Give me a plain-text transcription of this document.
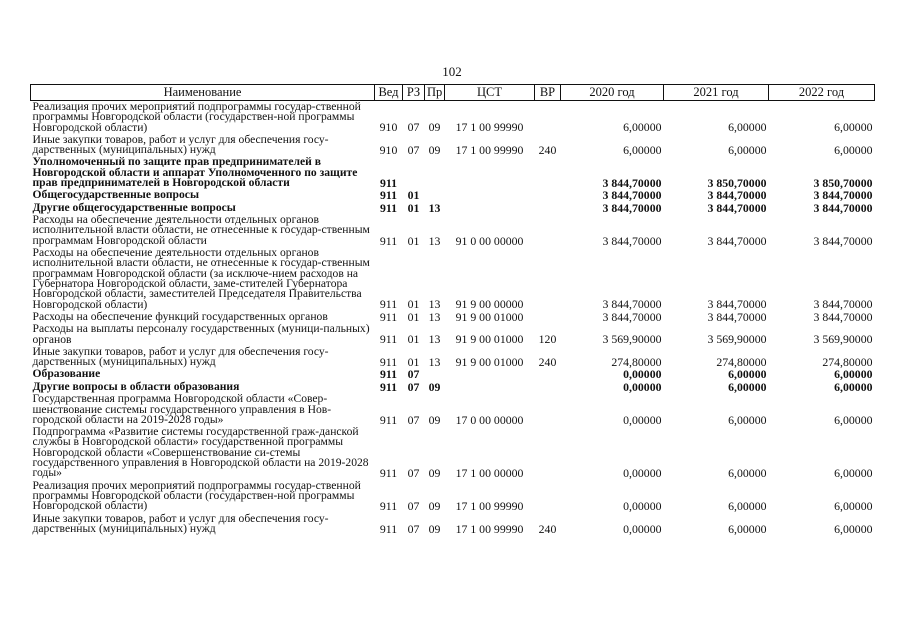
102
Наименование	Вед	РЗ	Пр	ЦСТ	ВР	2020 год	2021 год	2022 год
Реализация прочих мероприятий подпрограммы государ-ственной программы Новгородской области (государствен-ной программы Новгородской области)	910	07	09	17 1 00 99990		6,00000	6,00000	6,00000
Иные закупки товаров, работ и услуг для обеспечения госу-дарственных (муниципальных) нужд	910	07	09	17 1 00 99990	240	6,00000	6,00000	6,00000
Уполномоченный по защите прав предпринимателей в Новгородской области и аппарат Уполномоченного по защите прав предпринимателей в Новгородской области	911					3 844,70000	3 850,70000	3 850,70000
Общегосударственные вопросы	911	01				3 844,70000	3 844,70000	3 844,70000
Другие общегосударственные вопросы	911	01	13			3 844,70000	3 844,70000	3 844,70000
Расходы на обеспечение деятельности отдельных органов исполнительной власти области, не отнесенные к государ-ственным программам Новгородской области	911	01	13	91 0 00 00000		3 844,70000	3 844,70000	3 844,70000
Расходы на обеспечение деятельности отдельных органов исполнительной власти области, не отнесенные к государ-ственным программам Новгородской области (за исключе-нием расходов на Губернатора Новгородской области, заме-стителей Губернатора Новгородской области, заместителей Председателя Правительства Новгородской области)	911	01	13	91 9 00 00000		3 844,70000	3 844,70000	3 844,70000
Расходы на обеспечение функций государственных органов	911	01	13	91 9 00 01000		3 844,70000	3 844,70000	3 844,70000
Расходы на выплаты персоналу государственных (муници-пальных) органов	911	01	13	91 9 00 01000	120	3 569,90000	3 569,90000	3 569,90000
Иные закупки товаров, работ и услуг для обеспечения госу-дарственных (муниципальных) нужд	911	01	13	91 9 00 01000	240	274,80000	274,80000	274,80000
Образование	911	07				0,00000	6,00000	6,00000
Другие вопросы в области образования	911	07	09			0,00000	6,00000	6,00000
Государственная программа Новгородской области «Совер-шенствование системы государственного управления в Нов-городской области на 2019-2028 годы»	911	07	09	17 0 00 00000		0,00000	6,00000	6,00000
Подпрограмма «Развитие системы государственной граж-данской службы в Новгородской области» государственной программы Новгородской области «Совершенствование си-стемы государственного управления в Новгородской области на 2019-2028 годы»	911	07	09	17 1 00 00000		0,00000	6,00000	6,00000
Реализация прочих мероприятий подпрограммы государ-ственной программы Новгородской области (государствен-ной программы Новгородской области)	911	07	09	17 1 00 99990		0,00000	6,00000	6,00000
Иные закупки товаров, работ и услуг для обеспечения госу-дарственных (муниципальных) нужд	911	07	09	17 1 00 99990	240	0,00000	6,00000	6,00000
